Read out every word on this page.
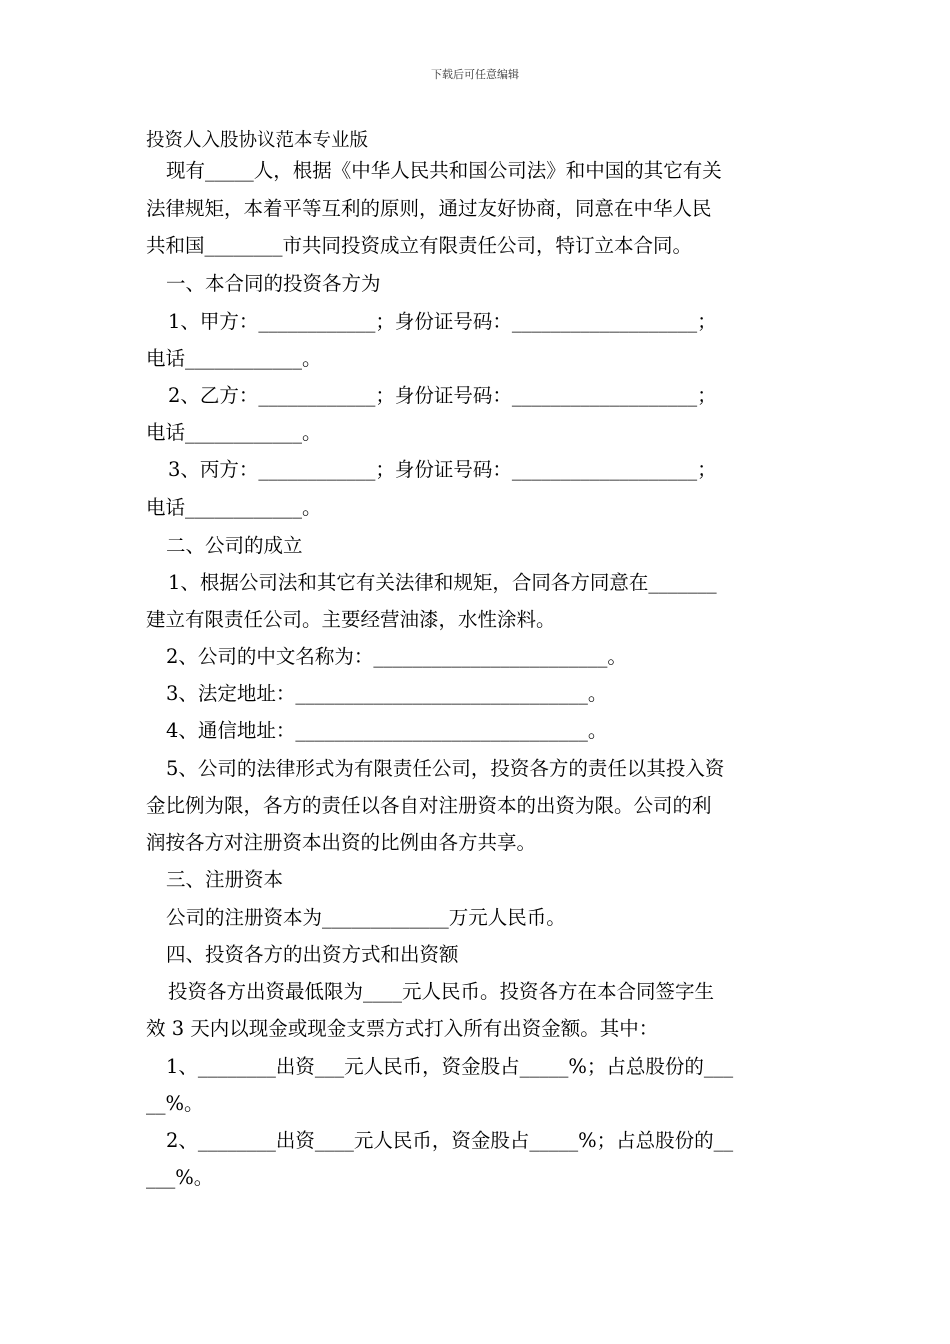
下载后可任意编辑
投资人入股协议范本专业版
现有_____人，根据《中华人民共和国公司法》和中国的其它有关
法律规矩，本着平等互利的原则，通过友好协商，同意在中华人民
共和国________市共同投资成立有限责任公司，特订立本合同。
一、本合同的投资各方为
1、甲方：____________；身份证号码：___________________；
电话____________。
2、乙方：____________；身份证号码：___________________；
电话____________。
3、丙方：____________；身份证号码：___________________；
电话____________。
二、公司的成立
1、根据公司法和其它有关法律和规矩，合同各方同意在_______
建立有限责任公司。主要经营油漆，水性涂料。
2、公司的中文名称为：________________________。
3、法定地址：______________________________。
4、通信地址：______________________________。
5、公司的法律形式为有限责任公司，投资各方的责任以其投入资
金比例为限，各方的责任以各自对注册资本的出资为限。公司的利
润按各方对注册资本出资的比例由各方共享。
三、注册资本
公司的注册资本为_____________万元人民币。
四、投资各方的出资方式和出资额
投资各方出资最低限为____元人民币。投资各方在本合同签字生
效 3 天内以现金或现金支票方式打入所有出资金额。其中：
1、________出资___元人民币，资金股占_____%；占总股份的___
__%。
2、________出资____元人民币，资金股占_____%；占总股份的__
___%。
